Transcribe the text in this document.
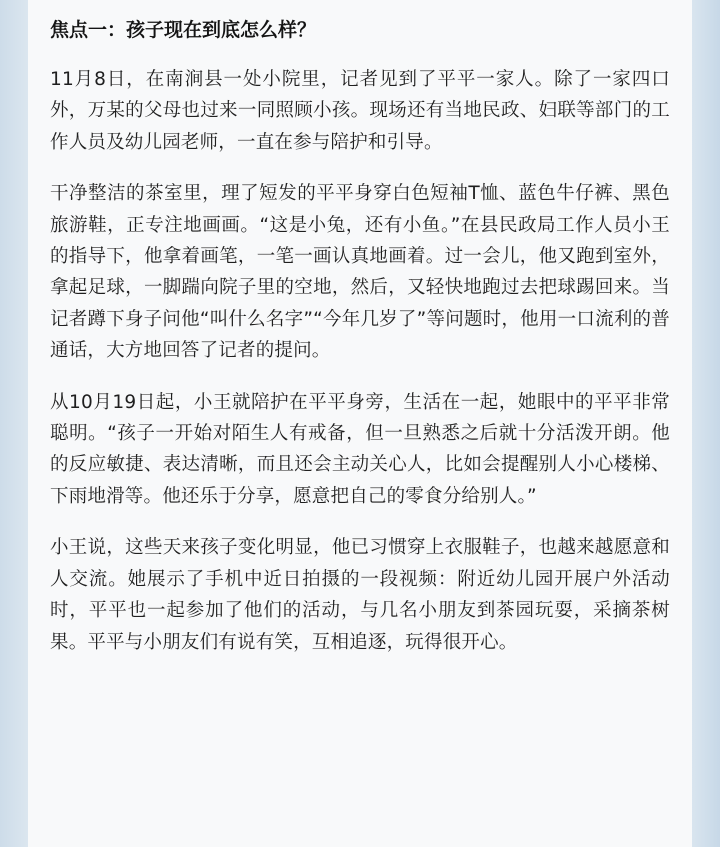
焦点一：孩子现在到底怎么样？

11月8日，在南涧县一处小院里，记者见到了平平一家人。除了一家四口外，万某的父母也过来一同照顾小孩。现场还有当地民政、妇联等部门的工作人员及幼儿园老师，一直在参与陪护和引导。

干净整洁的茶室里，理了短发的平平身穿白色短袖T恤、蓝色牛仔裤、黑色旅游鞋，正专注地画画。“这是小兔，还有小鱼。”在县民政局工作人员小王的指导下，他拿着画笔，一笔一画认真地画着。过一会儿，他又跑到室外，拿起足球，一脚踹向院子里的空地，然后，又轻快地跑过去把球踢回来。当记者蹲下身子问他“叫什么名字”“今年几岁了”等问题时，他用一口流利的普通话，大方地回答了记者的提问。

从10月19日起，小王就陪护在平平身旁，生活在一起，她眼中的平平非常聪明。“孩子一开始对陌生人有戒备，但一旦熟悉之后就十分活泼开朗。他的反应敏捷、表达清晰，而且还会主动关心人，比如会提醒别人小心楼梯、下雨地滑等。他还乐于分享，愿意把自己的零食分给别人。”

小王说，这些天来孩子变化明显，他已习惯穿上衣服鞋子，也越来越愿意和人交流。她展示了手机中近日拍摄的一段视频：附近幼儿园开展户外活动时，平平也一起参加了他们的活动，与几名小朋友到茶园玩耍，采摘茶树果。平平与小朋友们有说有笑，互相追逐，玩得很开心。
